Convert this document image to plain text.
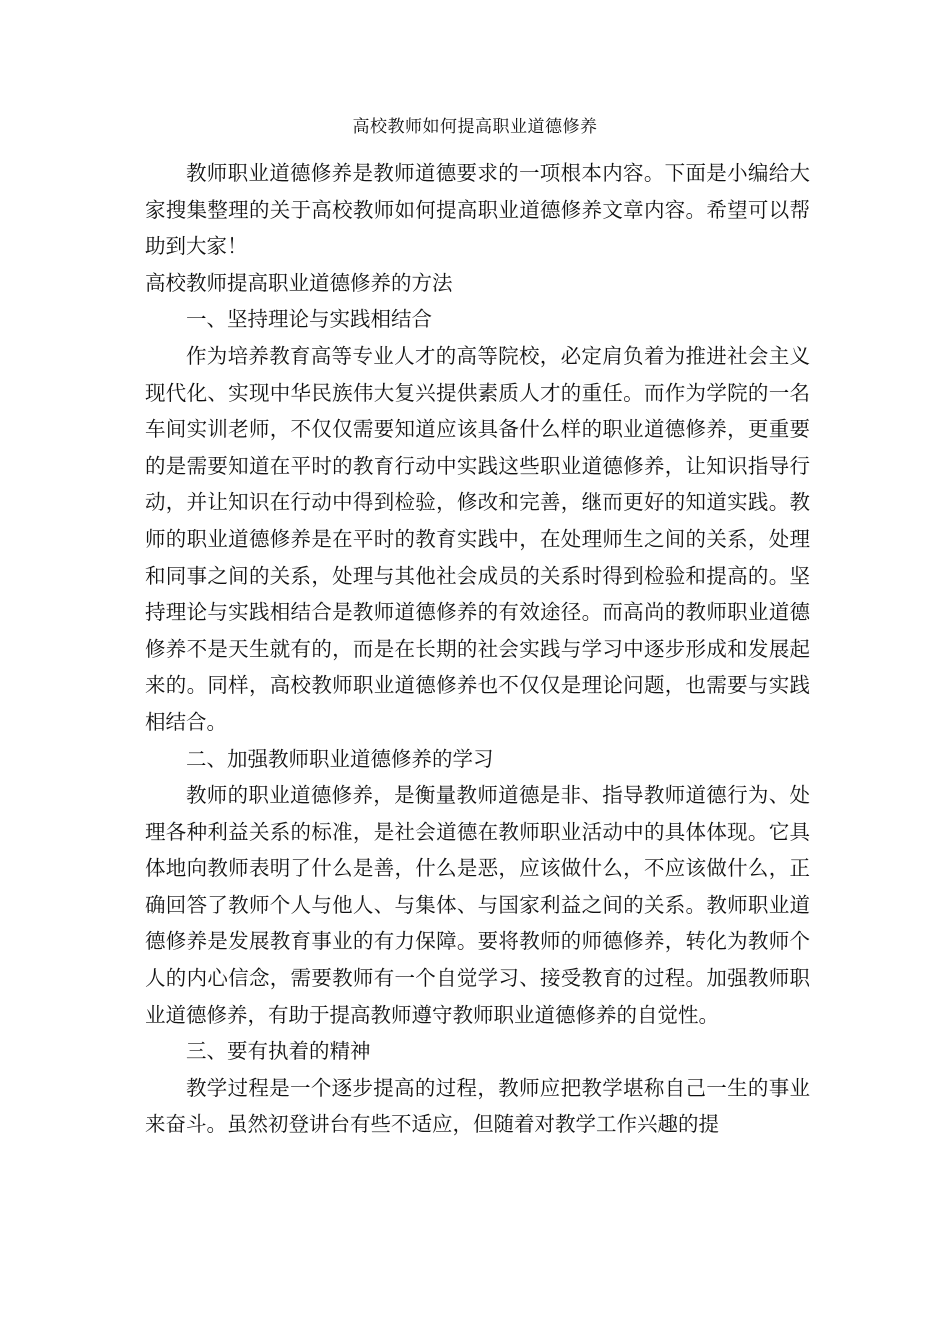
高校教师如何提高职业道德修养

教师职业道德修养是教师道德要求的一项根本内容。下面是小编给大家搜集整理的关于高校教师如何提高职业道德修养文章内容。希望可以帮助到大家！

高校教师提高职业道德修养的方法

一、坚持理论与实践相结合

作为培养教育高等专业人才的高等院校，必定肩负着为推进社会主义现代化、实现中华民族伟大复兴提供素质人才的重任。而作为学院的一名车间实训老师，不仅仅需要知道应该具备什么样的职业道德修养，更重要的是需要知道在平时的教育行动中实践这些职业道德修养，让知识指导行动，并让知识在行动中得到检验，修改和完善，继而更好的知道实践。教师的职业道德修养是在平时的教育实践中，在处理师生之间的关系，处理和同事之间的关系，处理与其他社会成员的关系时得到检验和提高的。坚持理论与实践相结合是教师道德修养的有效途径。而高尚的教师职业道德修养不是天生就有的，而是在长期的社会实践与学习中逐步形成和发展起来的。同样，高校教师职业道德修养也不仅仅是理论问题，也需要与实践相结合。

二、加强教师职业道德修养的学习

教师的职业道德修养，是衡量教师道德是非、指导教师道德行为、处理各种利益关系的标准，是社会道德在教师职业活动中的具体体现。它具体地向教师表明了什么是善，什么是恶，应该做什么，不应该做什么，正确回答了教师个人与他人、与集体、与国家利益之间的关系。教师职业道德修养是发展教育事业的有力保障。要将教师的师德修养，转化为教师个人的内心信念，需要教师有一个自觉学习、接受教育的过程。加强教师职业道德修养，有助于提高教师遵守教师职业道德修养的自觉性。

三、要有执着的精神

教学过程是一个逐步提高的过程，教师应把教学堪称自己一生的事业来奋斗。虽然初登讲台有些不适应，但随着对教学工作兴趣的提
